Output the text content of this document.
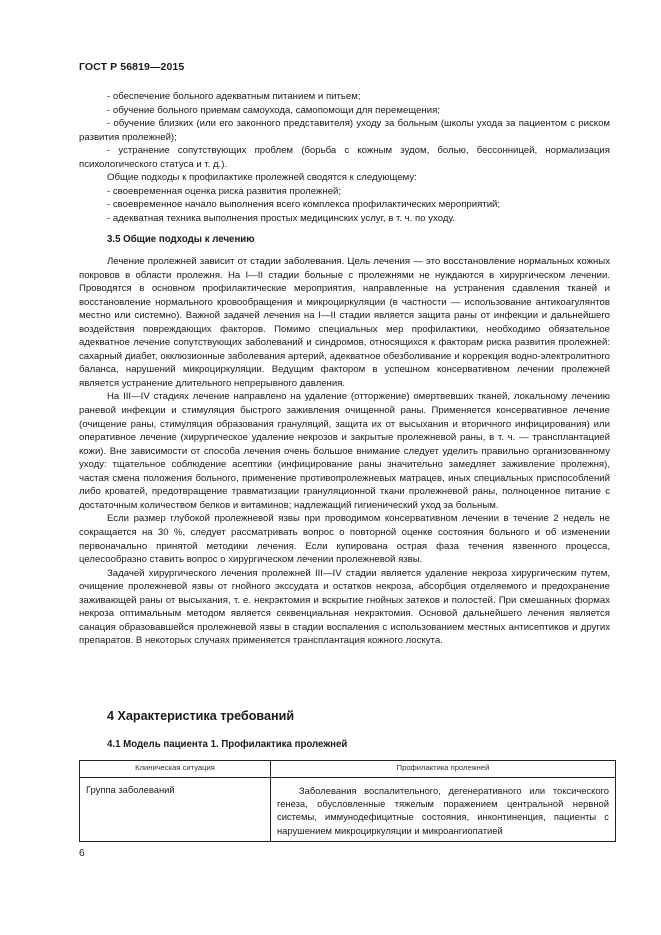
ГОСТ Р 56819—2015

- обеспечение больного адекватным питанием и питьем;

- обучение больного приемам самоухода, самопомощи для перемещения;

- обучение близких (или его законного представителя) уходу за больным (школы ухода за пациентом с риском развития пролежней);

- устранение сопутствующих проблем (борьба с кожным зудом, болью, бессонницей, нормализация психологического статуса и т. д.).

Общие подходы к профилактике пролежней сводятся к следующему:

- своевременная оценка риска развития пролежней;

- своевременное начало выполнения всего комплекса профилактических мероприятий;

- адекватная техника выполнения простых медицинских услуг, в т. ч. по уходу.

3.5 Общие подходы к лечению

Лечение пролежней зависит от стадии заболевания. Цель лечения — это восстановление нормальных кожных покровов в области пролежня. На I—II стадии больные с пролежнями не нуждаются в хирургическом лечении. Проводятся в основном профилактические мероприятия, направленные на устранения сдавления тканей и восстановление нормального кровообращения и микроциркуляции (в частности — использование антикоагулянтов местно или системно). Важной задачей лечения на I—II стадии является защита раны от инфекции и дальнейшего воздействия повреждающих факторов. Помимо специальных мер профилактики, необходимо обязательное адекватное лечение сопутствующих заболеваний и синдромов, относящихся к факторам риска развития пролежней: сахарный диабет, окклюзионные заболевания артерий, адекватное обезболивание и коррекция водно-электролитного баланса, нарушений микроциркуляции. Ведущим фактором в успешном консервативном лечении пролежней является устранение длительного непрерывного давления.

На III—IV стадиях лечение направлено на удаление (отторжение) омертвевших тканей, локальному лечению раневой инфекции и стимуляция быстрого заживления очищенной раны. Применяется консервативное лечение (очищение раны, стимуляция образования грануляций, защита их от высыхания и вторичного инфицирования) или оперативное лечение (хирургическое удаление некрозов и закрытые пролежневой раны, в т. ч. — трансплантацией кожи). Вне зависимости от способа лечения очень большое внимание следует уделить правильно организованному уходу: тщательное соблюдение асептики (инфицирование раны значительно замедляет заживление пролежня), частая смена положения больного, применение противопролежневых матрацев, иных специальных приспособлений либо кроватей, предотвращение травматизации грануляционной ткани пролежневой раны, полноценное питание с достаточным количеством белков и витаминов; надлежащий гигиенический уход за больным.

Если размер глубокой пролежневой язвы при проводимом консервативном лечении в течение 2 недель не сокращается на 30 %, следует рассматривать вопрос о повторной оценке состояния больного и об изменении первоначально принятой методики лечения. Если купирована острая фаза течения язвенного процесса, целесообразно ставить вопрос о хирургическом лечении пролежневой язвы.

Задачей хирургического лечения пролежней III—IV стадии является удаление некроза хирургическим путем, очищение пролежневой язвы от гнойного экссудата и остатков некроза, абсорбция отделяемого и предохранение заживающей раны от высыхания, т. е. некрэктомия и вскрытие гнойных затеков и полостей. При смешанных формах некроза оптимальным методом является секвенциальная некрэктомия. Основой дальнейшего лечения является санация образовавшейся пролежневой язвы в стадии воспаления с использованием местных антисептиков и других препаратов. В некоторых случаях применяется трансплантация кожного лоскута.

4 Характеристика требований
4.1 Модель пациента 1. Профилактика пролежней
Клиническая ситуация	Профилактика пролежней
Группа заболеваний	Заболевания воспалительного, дегенеративного или токсического генеза, обусловленные тяжелым поражением центральной нервной системы, иммунодефицитные состояния, инконтиненция, пациенты с нарушением микроциркуляции и микроангиопатией
6
